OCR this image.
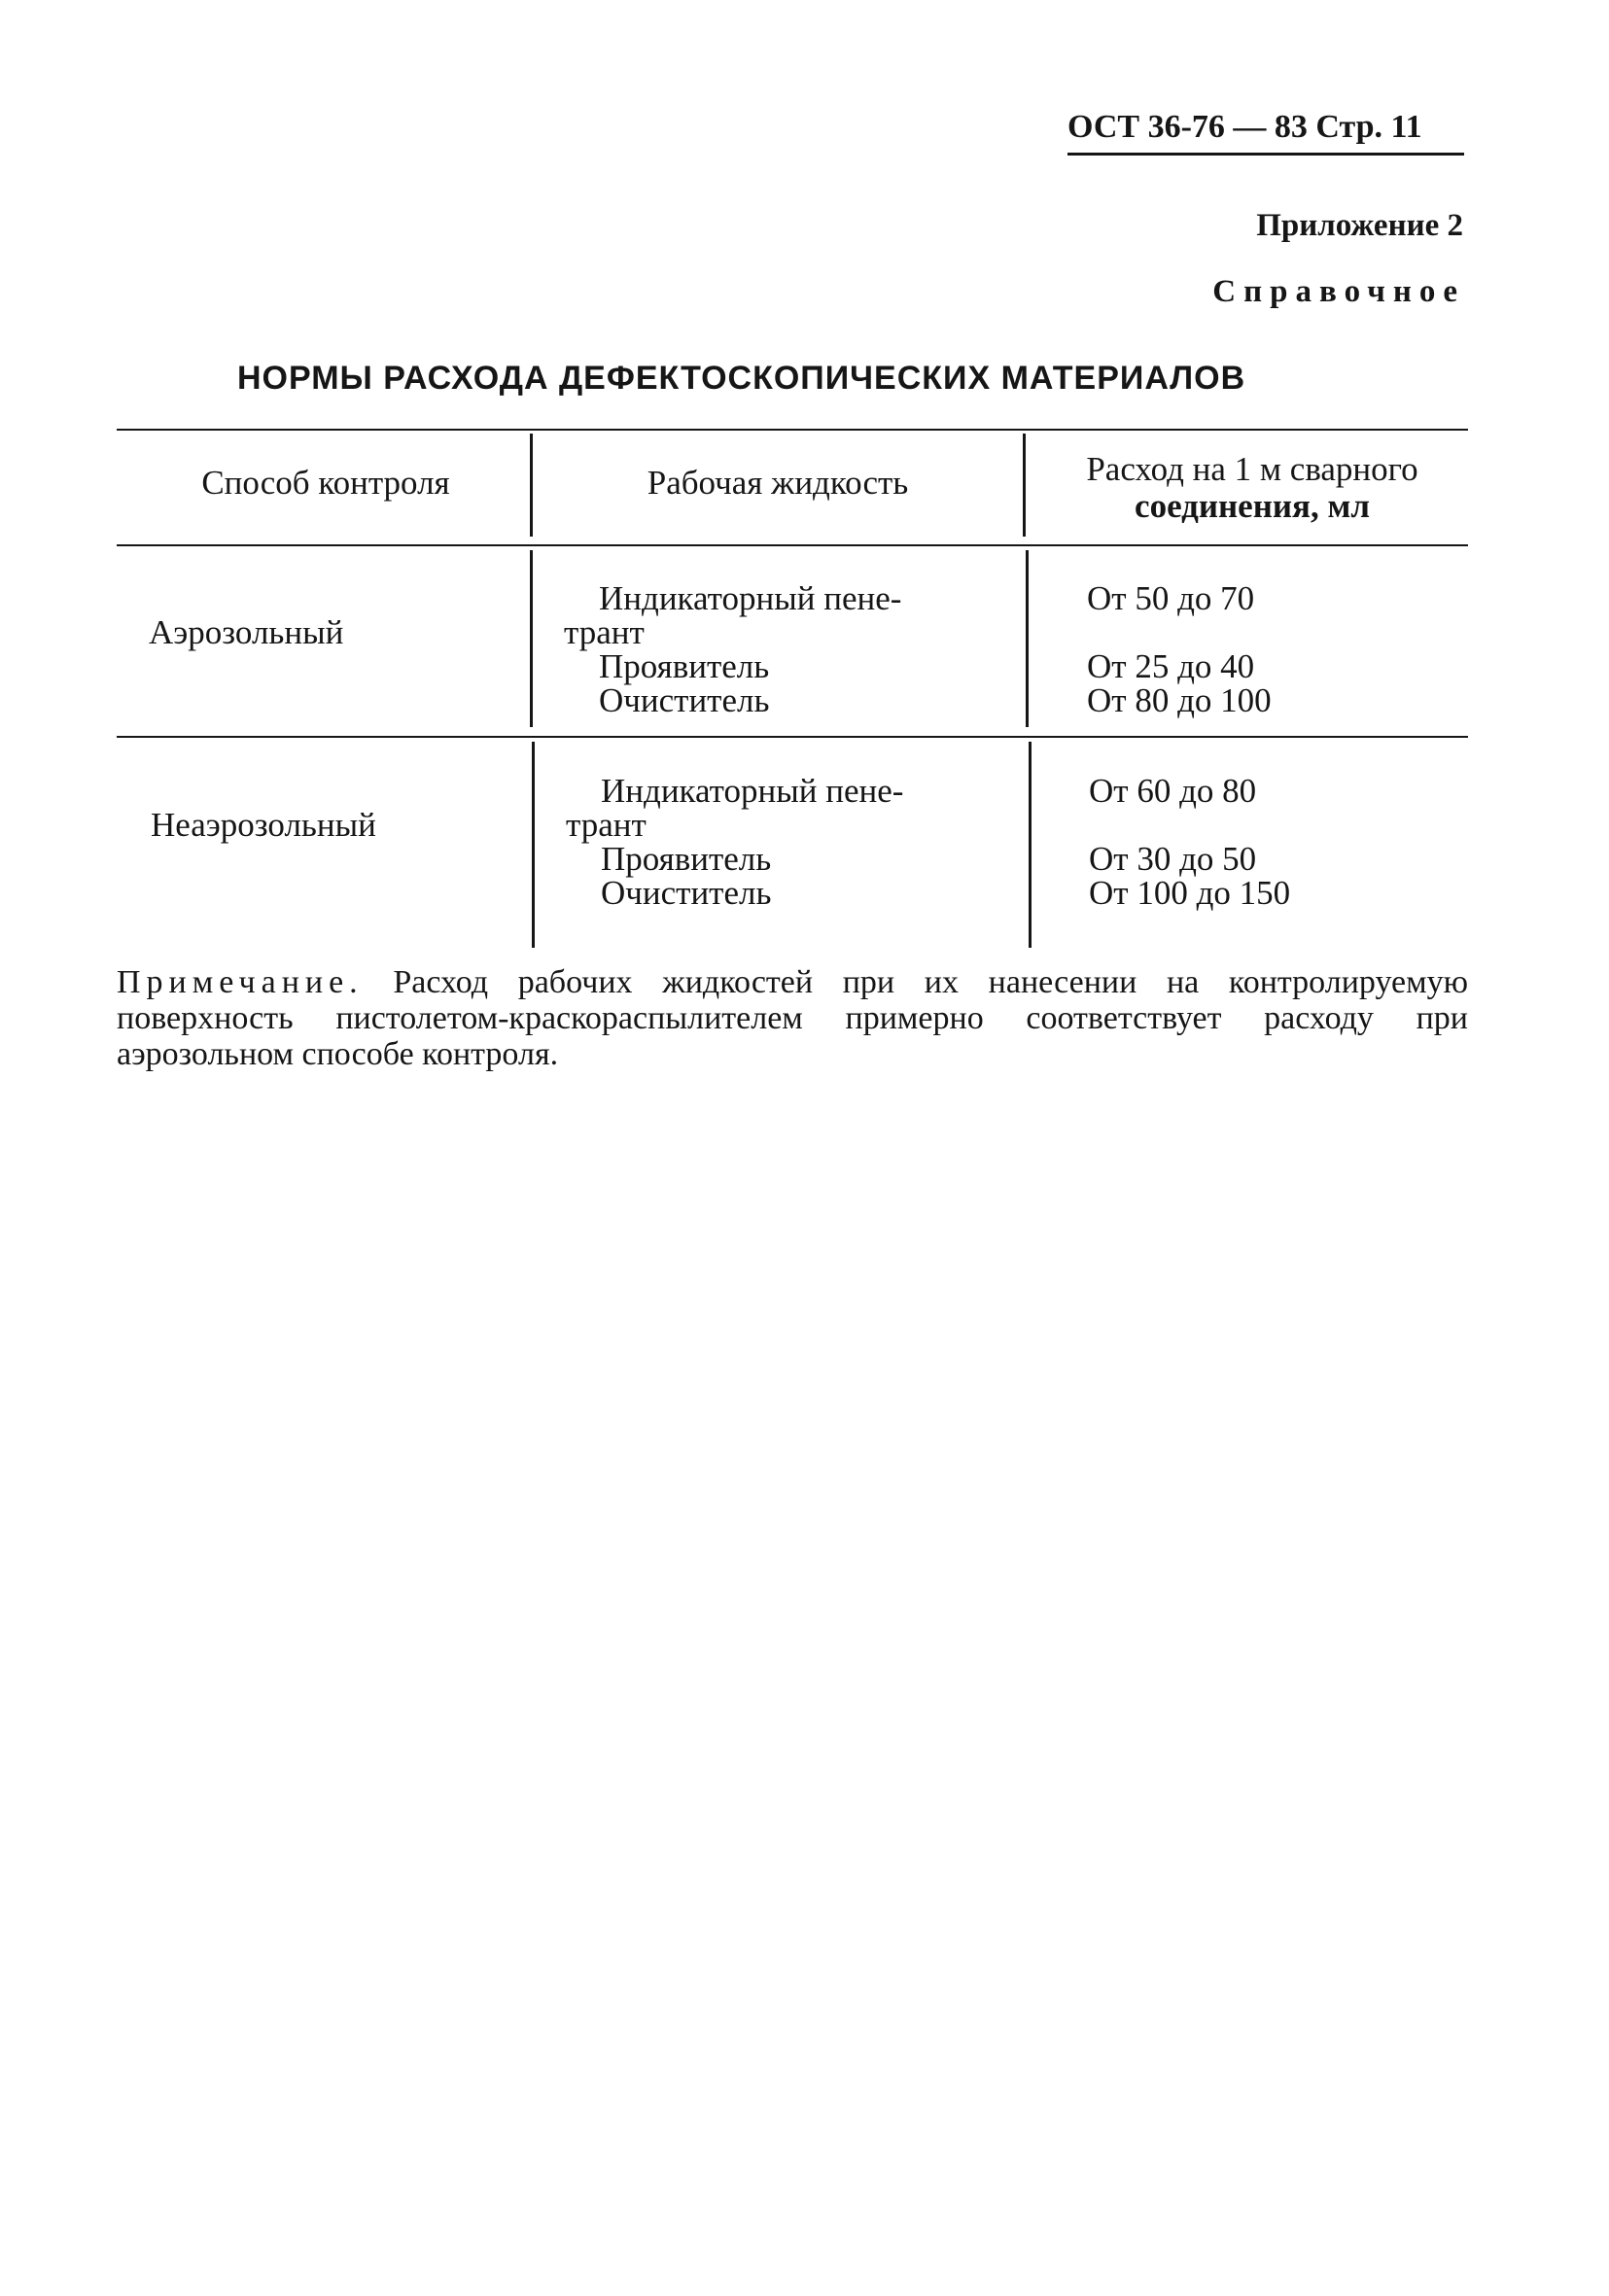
ОСТ 36-76 — 83 Стр. 11
Приложение 2
Справочное
НОРМЫ РАСХОДА ДЕФЕКТОСКОПИЧЕСКИХ МАТЕРИАЛОВ
Способ контроля	Рабочая жидкость	Расход на 1 м сварного
соединения, мл
Аэрозольный
Индикаторный пене-
трант
Проявитель
Очиститель
От 50 до 70
От 25 до 40
От 80 до 100
Неаэрозольный
Индикаторный пене-
трант
Проявитель
Очиститель
От 60 до 80
От 30 до 50
От 100 до 150
Примечание. Расход рабочих жидкостей при их нанесении на контролируемую поверхность пистолетом-краскораспылителем примерно соответствует расходу при аэрозольном способе контроля.
